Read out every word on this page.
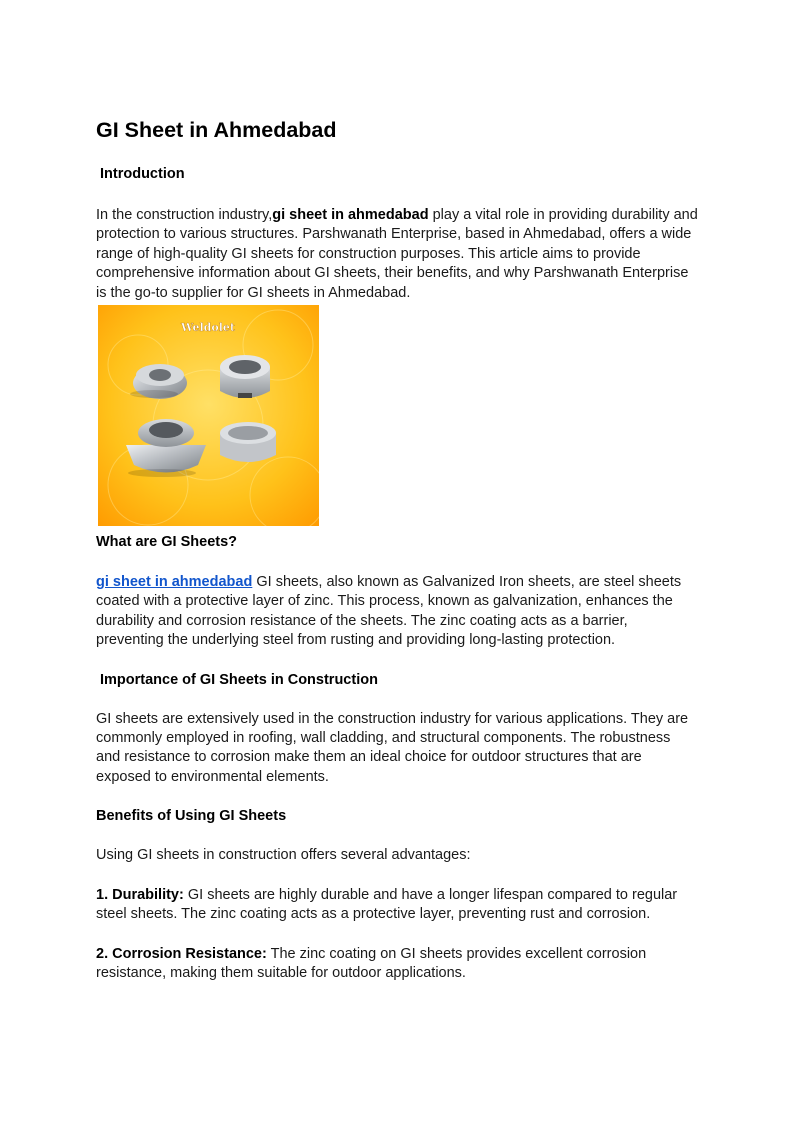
GI Sheet in Ahmedabad
Introduction

In the construction industry,gi sheet in ahmedabad play a vital role in providing durability and protection to various structures. Parshwanath Enterprise, based in Ahmedabad, offers a wide range of high-quality GI sheets for construction purposes. This article aims to provide comprehensive information about GI sheets, their benefits, and why Parshwanath Enterprise is the go-to supplier for GI sheets in Ahmedabad.

Weldolet
What are GI Sheets?

gi sheet in ahmedabad GI sheets, also known as Galvanized Iron sheets, are steel sheets coated with a protective layer of zinc. This process, known as galvanization, enhances the durability and corrosion resistance of the sheets. The zinc coating acts as a barrier, preventing the underlying steel from rusting and providing long-lasting protection.

Importance of GI Sheets in Construction

GI sheets are extensively used in the construction industry for various applications. They are commonly employed in roofing, wall cladding, and structural components. The robustness and resistance to corrosion make them an ideal choice for outdoor structures that are exposed to environmental elements.

Benefits of Using GI Sheets

Using GI sheets in construction offers several advantages:

1. Durability: GI sheets are highly durable and have a longer lifespan compared to regular steel sheets. The zinc coating acts as a protective layer, preventing rust and corrosion.

2. Corrosion Resistance: The zinc coating on GI sheets provides excellent corrosion resistance, making them suitable for outdoor applications.
